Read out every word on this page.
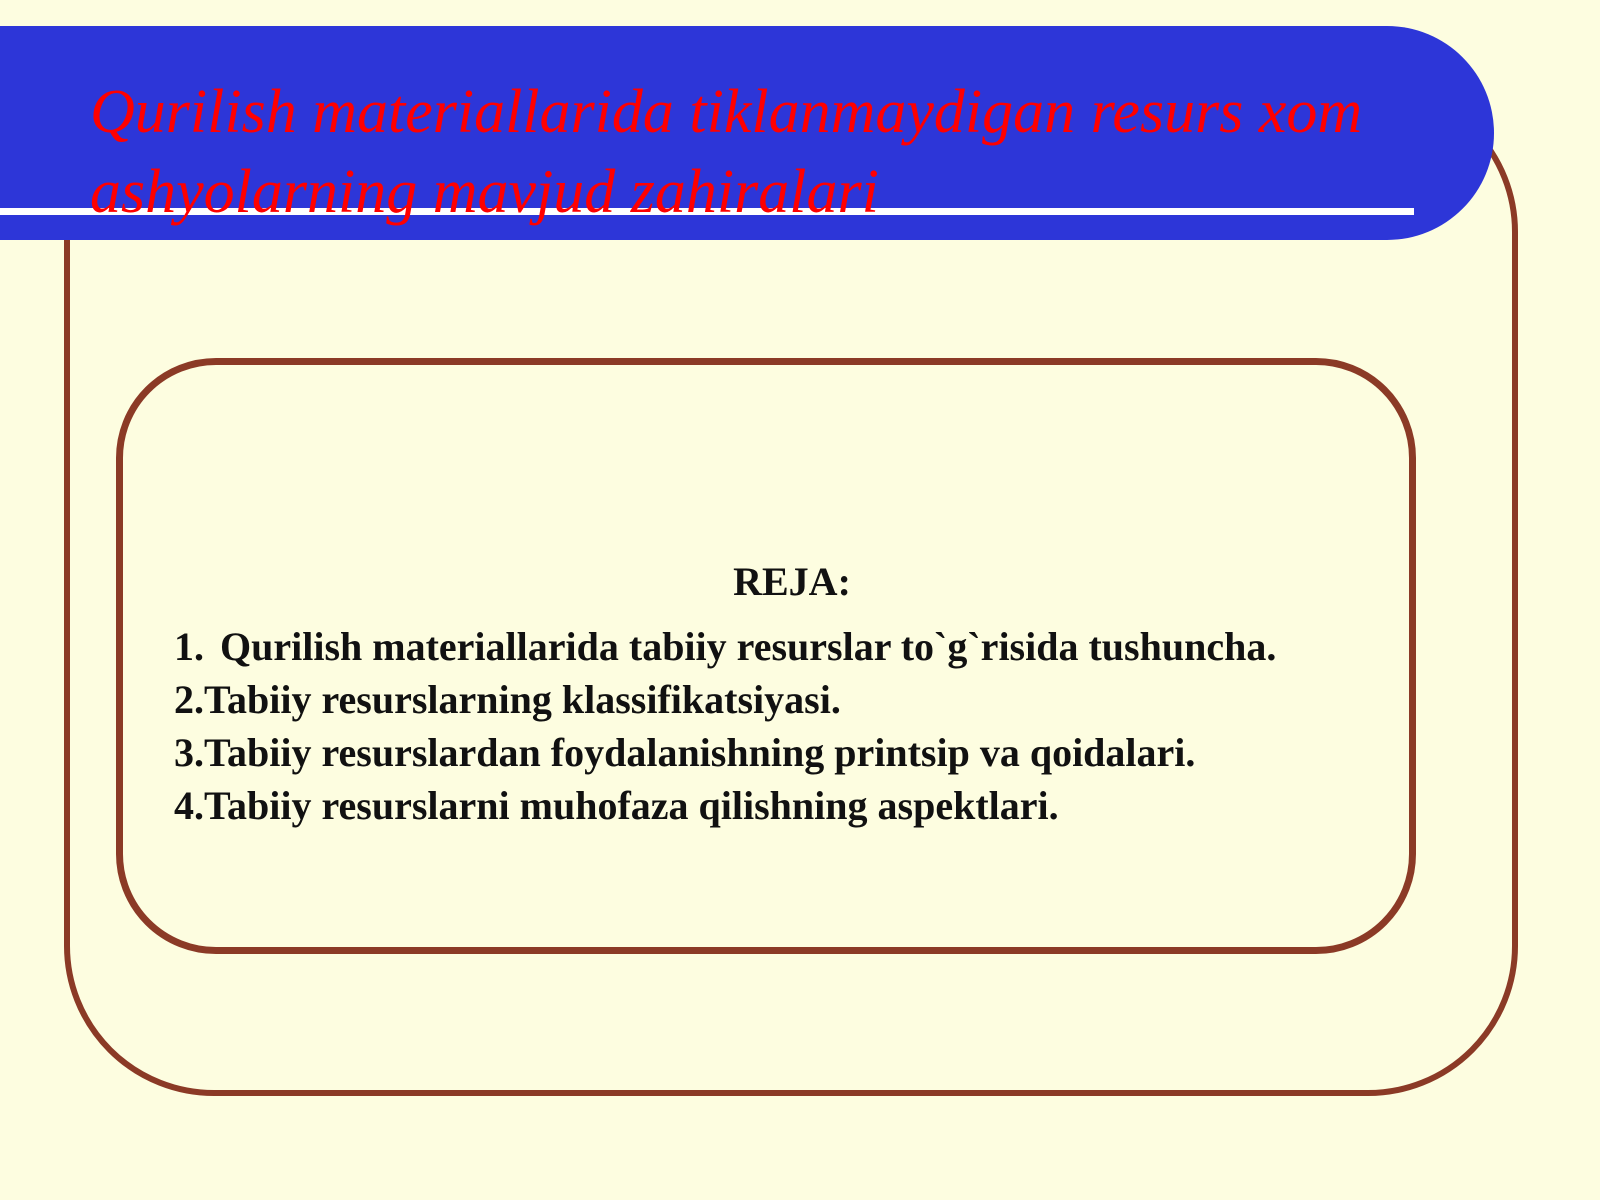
Qurilish materiallarida tiklanmaydigan resurs xom ashyolarning mavjud zahiralari
REJA:
1. Qurilish materiallarida tabiiy resurslar to`g`risida tushuncha.
2. Tabiiy resurslarning klassifikatsiyasi.
3. Tabiiy resurslardan foydalanishning printsip va qoidalari.
4. Tabiiy resurslarni muhofaza qilishning aspektlari.
